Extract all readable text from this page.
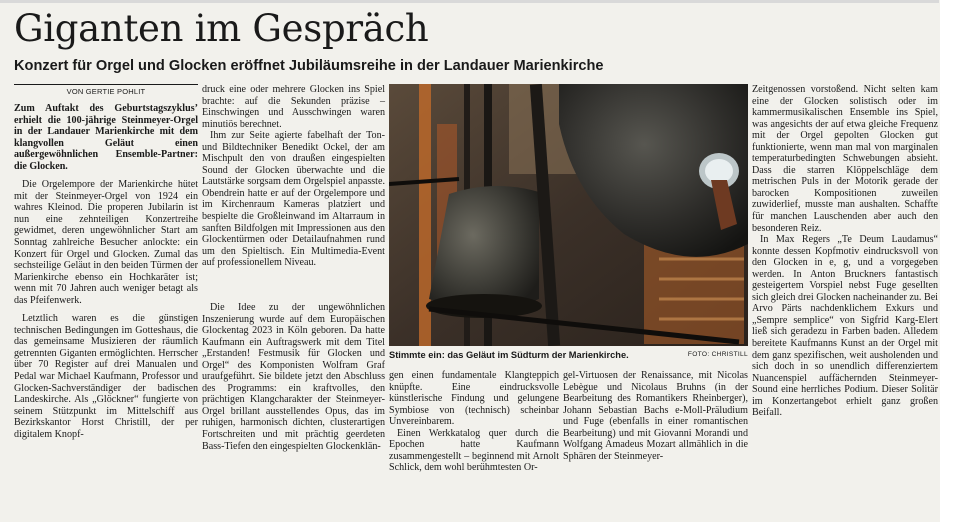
Giganten im Gespräch
Konzert für Orgel und Glocken eröffnet Jubiläumsreihe in der Landauer Marienkirche
VON GERTIE POHLIT

Zum Auftakt des Geburtstagszyklus’ erhielt die 100-jährige Steinmeyer-Orgel in der Landauer Marienkirche mit dem klangvollen Geläut einen außergewöhnlichen Ensemble-Partner: die Glocken.

Die Orgelempore der Marienkirche hütet mit der Steinmeyer-Orgel von 1924 ein wahres Kleinod. Die properen Jubilarin ist nun eine zehnteiligen Konzertreihe gewidmet, deren ungewöhnlicher Start am Sonntag zahlreiche Besucher anlockte: ein Konzert für Orgel und Glocken. Zumal das sechsteilige Geläut in den beiden Türmen der Marienkirche ebenso ein Hochkaräter ist; wenn mit 70 Jahren auch weniger betagt als das Pfeifenwerk.

Letztlich waren es die günstigen technischen Bedingungen im Gotteshaus, die das gemeinsame Musizieren der räumlich getrennten Giganten ermöglichten. Herrscher über 70 Register auf drei Manualen und Pedal war Michael Kaufmann, Professor und Glocken-Sachverständiger der badischen Landeskirche. Als „Glöckner“ fungierte von seinem Stützpunkt im Mittelschiff aus Bezirkskantor Horst Christill, der per digitalem Knopf-

druck eine oder mehrere Glocken ins Spiel brachte: auf die Sekunden präzise – Einschwingen und Ausschwingen waren minutiös berechnet.

Ihm zur Seite agierte fabelhaft der Ton- und Bildtechniker Benedikt Ockel, der am Mischpult den von draußen eingespielten Sound der Glocken überwachte und die Lautstärke sorgsam dem Orgelspiel anpasste. Obendrein hatte er auf der Orgelempore und im Kirchenraum Kameras platziert und bespielte die Großleinwand im Altarraum in sanften Bildfolgen mit Impressionen aus den Glockentürmen oder Detailaufnahmen rund um den Spieltisch. Ein Multimedia-Event auf professionellem Niveau.

Die Idee zu der ungewöhnlichen Inszenierung wurde auf dem Europäischen Glockentag 2023 in Köln geboren. Da hatte Kaufmann ein Auftragswerk mit dem Titel „Erstanden! Festmusik für Glocken und Orgel“ des Komponisten Wolfram Graf uraufgeführt. Sie bildete jetzt den Abschluss des Programms: ein kraftvolles, den prächtigen Klangcharakter der Steinmeyer-Orgel brillant ausstellendes Opus, das im ruhigen, harmonisch dichten, clusterartigen Fortschreiten und mit prächtig geerdeten Bass-Tiefen den eingespielten Glockenklän-

Stimmte ein: das Geläut im Südturm der Marienkirche.	FOTO: CHRISTILL

gen einen fundamentale Klangteppich knüpfte. Eine eindrucksvolle künstlerische Findung und gelungene Symbiose von (technisch) scheinbar Unvereinbarem.

Einen Werkkatalog quer durch die Epochen hatte Kaufmann zusammengestellt – beginnend mit Arnolt Schlick, dem wohl berühmtesten Or-

gel-Virtuosen der Renaissance, mit Nicolas Lebègue und Nicolaus Bruhns (in der Bearbeitung des Romantikers Rheinberger), Johann Sebastian Bachs e-Moll-Präludium und Fuge (ebenfalls in einer romantischen Bearbeitung) und mit Giovanni Morandi und Wolfgang Amadeus Mozart allmählich in die Sphären der Steinmeyer-

Zeitgenossen vorstoßend. Nicht selten kam eine der Glocken solistisch oder im kammermusikalischen Ensemble ins Spiel, was angesichts der auf etwa gleiche Frequenz mit der Orgel gepolten Glocken gut funktionierte, wenn man mal von marginalen temperaturbedingten Schwebungen absieht. Dass die starren Klöppelschläge dem metrischen Puls in der Motorik gerade der barocken Kompositionen zuweilen zuwiderlief, musste man aushalten. Schaffte für manchen Lauschenden aber auch den besonderen Reiz.

In Max Regers „Te Deum Laudamus“ konnte dessen Kopfmotiv eindrucksvoll von den Glocken in e, g, und a vorgegeben werden. In Anton Bruckners fantastisch gesteigertem Vorspiel nebst Fuge gesellten sich gleich drei Glocken nacheinander zu. Bei Arvo Pärts nachdenklichem Exkurs und „Sempre semplice“ von Sigfrid Karg-Elert ließ sich geradezu in Farben baden. Alledem bereitete Kaufmanns Kunst an der Orgel mit dem ganz spezifischen, weit ausholenden und sich doch in so unendlich differenziertem Nuancenspiel auffächernden Steinmeyer-Sound eine herrliches Podium. Dieser Solitär im Konzertangebot erhielt ganz großen Beifall.
